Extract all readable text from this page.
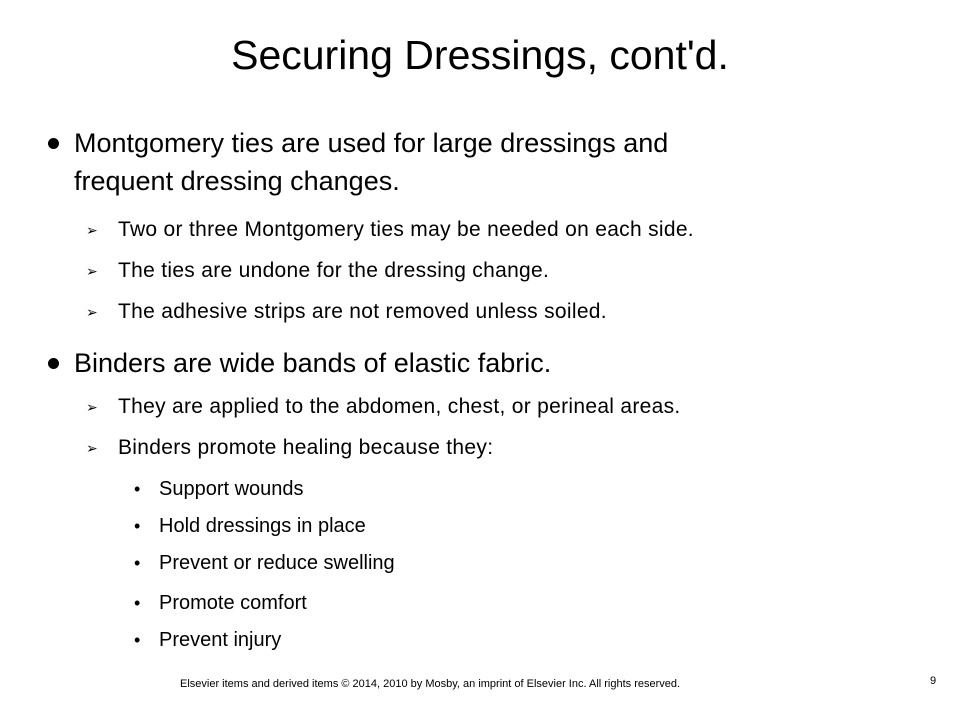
Securing Dressings, cont'd.
Montgomery ties are used for large dressings and
frequent dressing changes.
➢ Two or three Montgomery ties may be needed on each side.
➢ The ties are undone for the dressing change.
➢ The adhesive strips are not removed unless soiled.
Binders are wide bands of elastic fabric.
➢ They are applied to the abdomen, chest, or perineal areas.
➢ Binders promote healing because they:
• Support wounds
• Hold dressings in place
• Prevent or reduce swelling
• Promote comfort
• Prevent injury
Elsevier items and derived items © 2014, 2010 by Mosby, an imprint of Elsevier Inc. All rights reserved.	9
